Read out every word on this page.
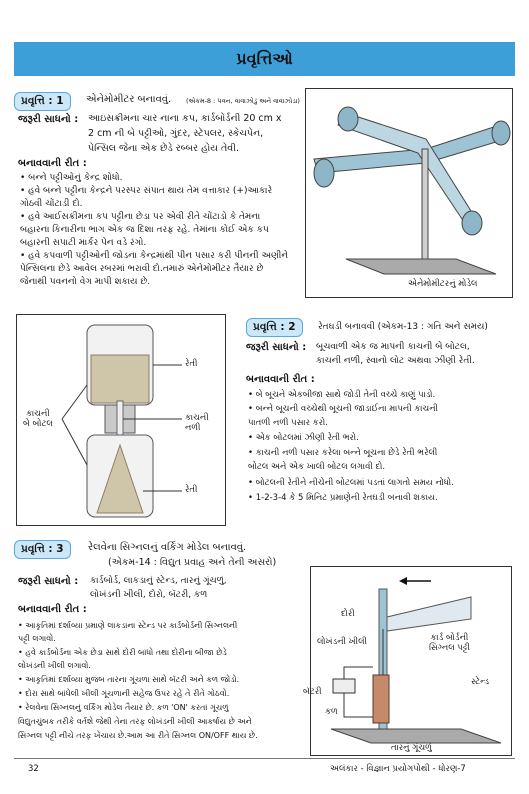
પ્રવૃત્તિઓ
પ્રવૃત્તિ : 1	એનેમોમીટર બનાવવું. (એકમ-8 : પવન, વાવાઝોડું અને વાવાઝોડા)
જરૂરી સાધનો : આઇસક્રીમના ચાર નાના કપ, કાર્ડબોર્ડની 20 cm x
2 cm ની બે પટ્ટીઓ, ગુંદર, સ્ટેપલર, સ્કેચપેન,
પેન્સિલ જેના એક છેડે રબ્બર હોય તેવી.
બનાવવાની રીત :
• બન્ને પટ્ટીઓનું કેન્દ્ર શોધો.
• હવે બન્ને પટ્ટીના કેન્દ્રને પરસ્પર સંપાત થાય તેમ વત્તાકાર (+)આકારે
ગોઠવી ચોંટાડી દો.
• હવે આઈસક્રીમના કપ પટ્ટીના છેડા પર એવી રીતે ચોંટાડો કે તેમના
બહારના કિનારીના ભાગ એક જ દિશા તરફ રહે. તેમાંના કોઈ એક કપ
બહારની સપાટી માર્કર પેન વડે રંગો.
• હવે કપવાળી પટ્ટીઓની જોડના કેન્દ્રમાંથી પીન પસાર કરી પીનની અણીને
પેન્સિલના છેડે આવેલ રબરમાં ભરાવી દો.તમારું એનેમોમીટર તૈયાર છે
જેનાથી પવનનો વેગ માપી શકાય છે.	એનેમોમીટરનું મોડેલ
રેતી
કાચની નળી
કાચની
બે બોટલ
રેતી
પ્રવૃત્તિ : 2	રેતઘડી બનાવવી (એકમ-13 : ગતિ અને સમય)
જરૂરી સાધનો : બૂચવાળી એક જ માપની કાચની બે બોટલ,
કાચની નળી, સ્વાનો લોટ અથવા ઝીણી રેતી.
બનાવવાની રીત :
• બે બૂચને એકબીજા સાથે જોડી તેની વચ્ચે કાણું પાડો.
• બન્ને બૂચની વચ્ચેથી બૂચની જાડાઈના માપની કાચની
પાતળી નળી પસાર કરો.
• એક બોટલમાં ઝીણી રેતી ભરો.
• કાચની નળી પસાર કરેલા બન્ને બૂચના છેડે રેતી ભરેલી
બોટલ અને એક ખાલી બોટલ લગાવી દો.
• બોટલની રેતીને નીચેની બોટલમાં પડતાં લાગતો સમય નોંધો.
• 1-2-3-4 કે 5 મિનિટ પ્રમાણેની રેતઘડી બનાવી શકાય.
પ્રવૃત્તિ : 3	રેલવેના સિગ્નલનું વર્કિંગ મોડેલ બનાવવું.
(એકમ-14 : વિદ્યુત પ્રવાહ અને તેની અસરો)
જરૂરી સાધનો : કાર્ડબોર્ડ, લાકડાનું સ્ટેન્ડ, તારનું ગૂંચળું,
લોખંડની ખીલી, દોરો, બૅટરી, કળ
બનાવવાની રીત :
• આકૃતિમાં દર્શાવ્યા પ્રમાણે લાકડાના સ્ટેન્ડ પર કાર્ડબોર્ડની સિગ્નલની
પટ્ટી લગાવો.
• હવે કાર્ડબોર્ડના એક છેડા સાથે દોરી બાંધો તથા દોરીના બીજા છેડે
લોખંડની ખીલી લગાવો.
• આકૃતિમાં દર્શાવ્યા મુજબ તારના ગૂંચળા સાથે બૅટરી અને કળ જોડો.
• દોરા સાથે બાંધેલી ખીલી ગૂંચળાની સહેજ ઉપર રહે તે રીતે ગોઠવો.
• રેલવેના સિગ્નલનું વર્કિંગ મોડેલ તૈયાર છે. કળ 'ON' કરતાં ગૂંચળું
વિદ્યુતચુંબક તરીકે વર્તશે જેથી તેના તરફ લોખંડની ખીલી આકર્ષાય છે અને
સિગ્નલ પટ્ટી નીચે તરફ ખેંચાય છે.આમ આ રીતે સિગ્નલ ON/OFF થાય છે.
દોરી
લોખંડની ખીલી	કાર્ડ બોર્ડની
સિગ્નલ પટ્ટી
બૅટરી
સ્ટેન્ડ
કળ
તારનું ગૂંચળું
32	અલંકાર - વિજ્ઞાન પ્રયોગપોથી - ધોરણ-7
